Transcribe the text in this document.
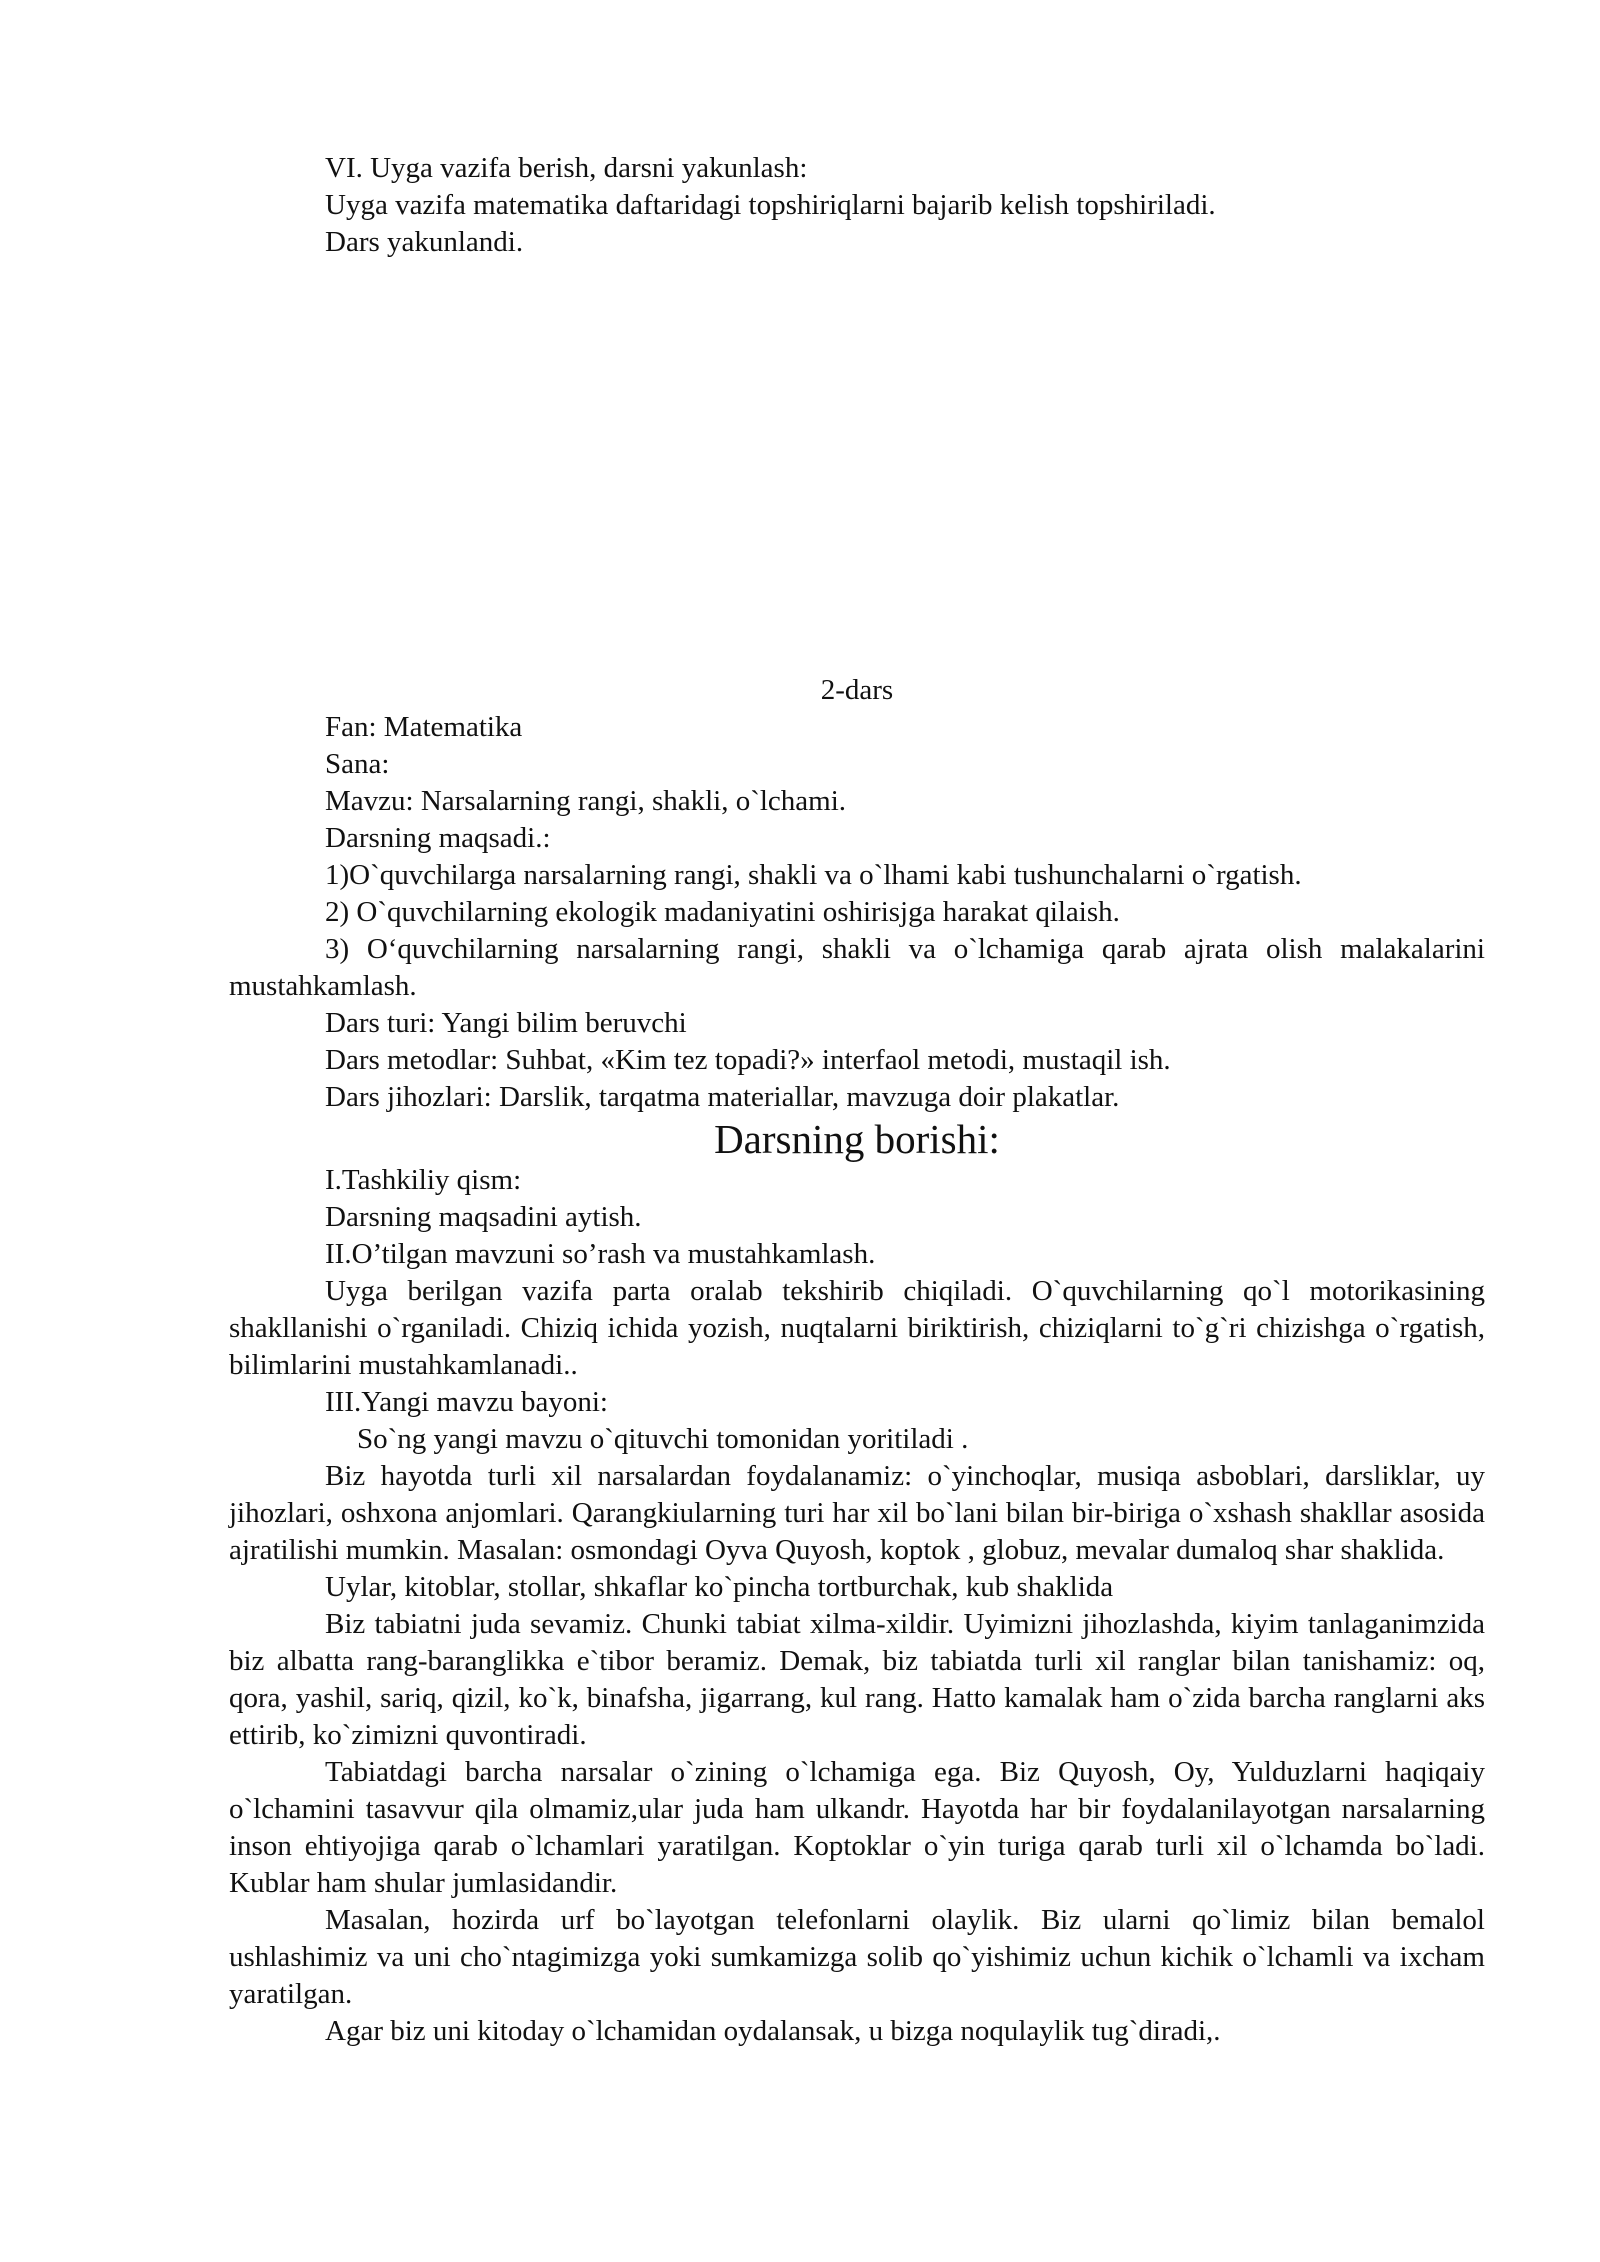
VI. Uyga vazifa berish, darsni yakunlash:
Uyga vazifa matematika daftaridagi topshiriqlarni bajarib kelish topshiriladi.
Dars yakunlandi.
2-dars
Fan: Matematika
Sana:
Mavzu: Narsalarning rangi, shakli, o`lchami.
Darsning maqsadi.:
1)O`quvchilarga narsalarning rangi, shakli va o`lhami kabi tushunchalarni o`rgatish.
2) O`quvchilarning ekologik madaniyatini oshirisjga harakat qilaish.
3) O‘quvchilarning narsalarning rangi, shakli va o`lchamiga qarab ajrata olish malakalarini mustahkamlash.
Dars turi: Yangi bilim beruvchi
Dars metodlar: Suhbat, «Kim tez topadi?» interfaol metodi, mustaqil ish.
Dars jihozlari: Darslik, tarqatma materiallar, mavzuga doir plakatlar.
Darsning borishi:
I.Tashkiliy qism:
Darsning maqsadini aytish.
II.O’tilgan mavzuni so’rash va mustahkamlash.
Uyga berilgan vazifa parta oralab tekshirib chiqiladi. O`quvchilarning qo`l motorikasining shakllanishi o`rganiladi. Chiziq ichida yozish, nuqtalarni biriktirish, chiziqlarni to`g`ri chizishga o`rgatish, bilimlarini mustahkamlanadi..
III.Yangi mavzu bayoni:
So`ng yangi mavzu o`qituvchi tomonidan yoritiladi .
Biz hayotda turli xil narsalardan foydalanamiz: o`yinchoqlar, musiqa asboblari, darsliklar, uy jihozlari, oshxona anjomlari. Qarangkiularning turi har xil bo`lani bilan bir-biriga o`xshash shakllar asosida ajratilishi mumkin. Masalan: osmondagi Oyva Quyosh, koptok , globuz, mevalar dumaloq shar shaklida.
Uylar, kitoblar, stollar, shkaflar ko`pincha tortburchak, kub shaklida
Biz tabiatni juda sevamiz. Chunki tabiat xilma-xildir. Uyimizni jihozlashda, kiyim tanlaganimzida biz albatta rang-baranglikka e`tibor beramiz. Demak, biz tabiatda turli xil ranglar bilan tanishamiz: oq, qora, yashil, sariq, qizil, ko`k, binafsha, jigarrang, kul rang. Hatto kamalak ham o`zida barcha ranglarni aks ettirib, ko`zimizni quvontiradi.
Tabiatdagi barcha narsalar o`zining o`lchamiga ega. Biz Quyosh, Oy, Yulduzlarni haqiqaiy o`lchamini tasavvur qila olmamiz,ular juda ham ulkandr. Hayotda har bir foydalanilayotgan narsalarning inson ehtiyojiga qarab o`lchamlari yaratilgan. Koptoklar o`yin turiga qarab turli xil o`lchamda bo`ladi. Kublar ham shular jumlasidandir.
Masalan, hozirda urf bo`layotgan telefonlarni olaylik. Biz ularni qo`limiz bilan bemalol ushlashimiz va uni cho`ntagimizga yoki sumkamizga solib qo`yishimiz uchun kichik o`lchamli va ixcham yaratilgan.
Agar biz uni kitoday o`lchamidan oydalansak, u bizga noqulaylik tug`diradi,.
